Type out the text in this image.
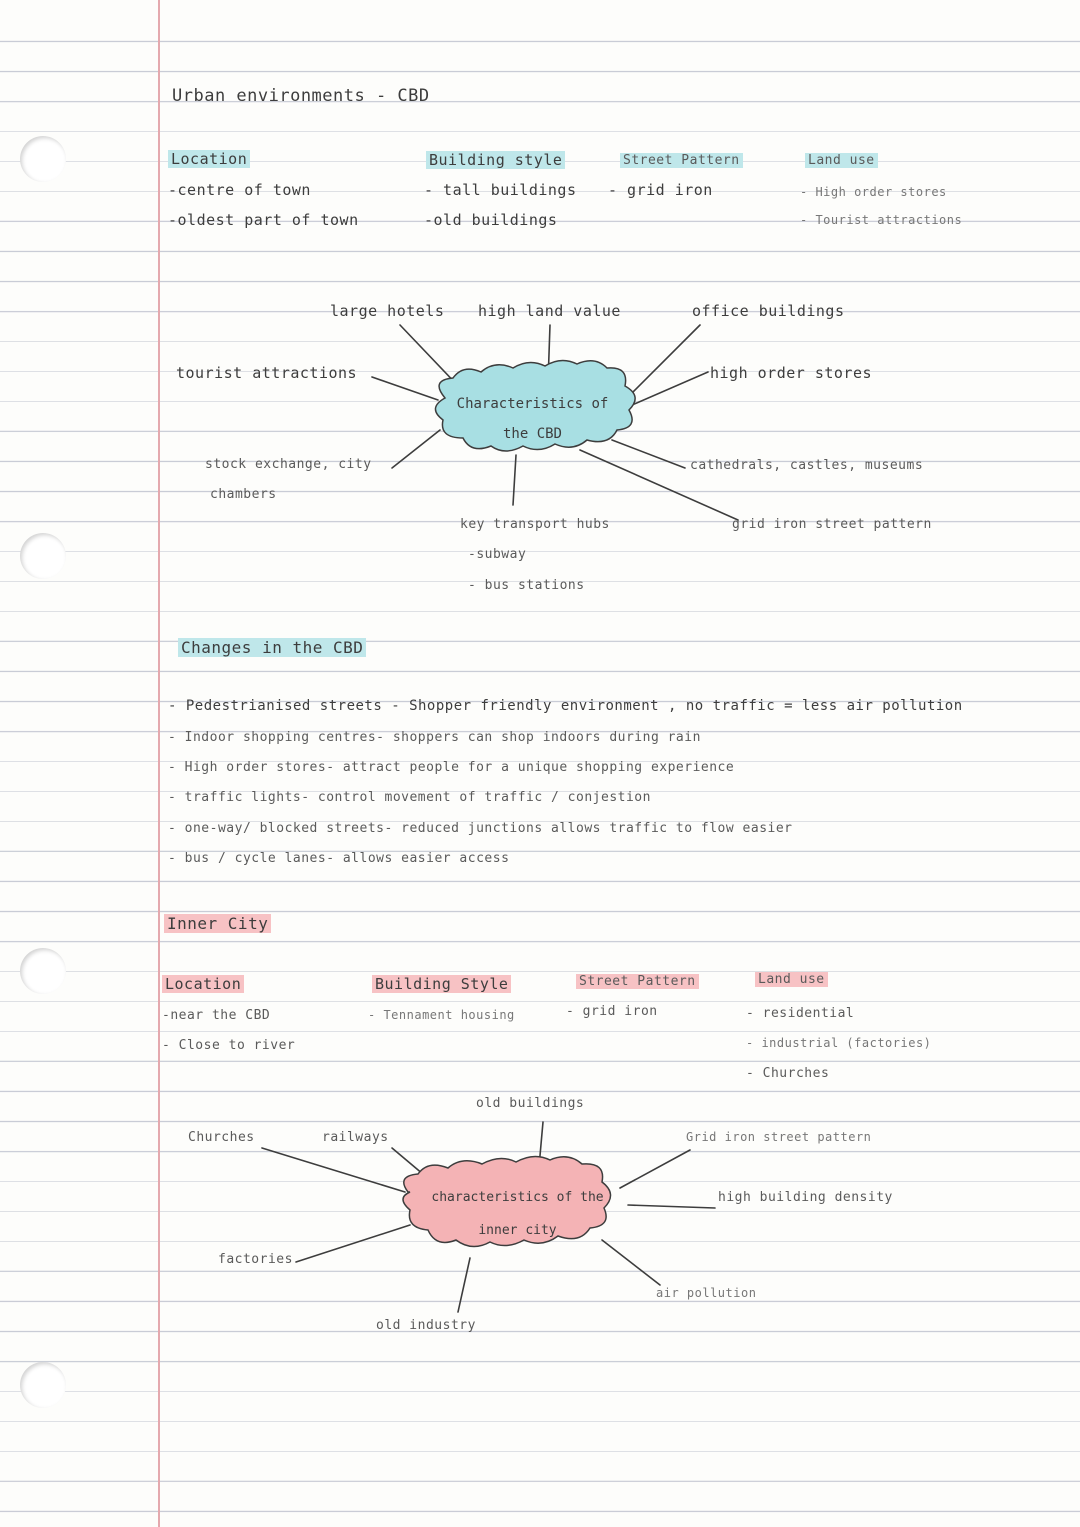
Urban environments - CBD
Location
-centre of town
-oldest part of town
Building style
- tall buildings
-old buildings
Street Pattern
- grid iron
Land use
- High order stores
- Tourist attractions
Characteristics of
the CBD
large hotels high land value	office buildings
tourist attractions	high order stores
stock exchange, city
chambers
cathedrals, castles, museums
key transport hubs
-subway
- bus stations
grid iron street pattern
Changes in the CBD
- Pedestrianised streets - Shopper friendly environment , no traffic = less air pollution
- Indoor shopping centres- shoppers can shop indoors during rain
- High order stores- attract people for a unique shopping experience
- traffic lights- control movement of traffic / conjestion
- one-way/ blocked streets- reduced junctions allows traffic to flow easier
- bus / cycle lanes- allows easier access
Inner City
Location
-near the CBD
- Close to river
Building Style
- Tennament housing
Street Pattern
- grid iron
Land use
- residential
- industrial (factories)
- Churches
characteristics of the
inner city
old buildings
Churches	railways	Grid iron street pattern
high building density
factories
air pollution
old industry
